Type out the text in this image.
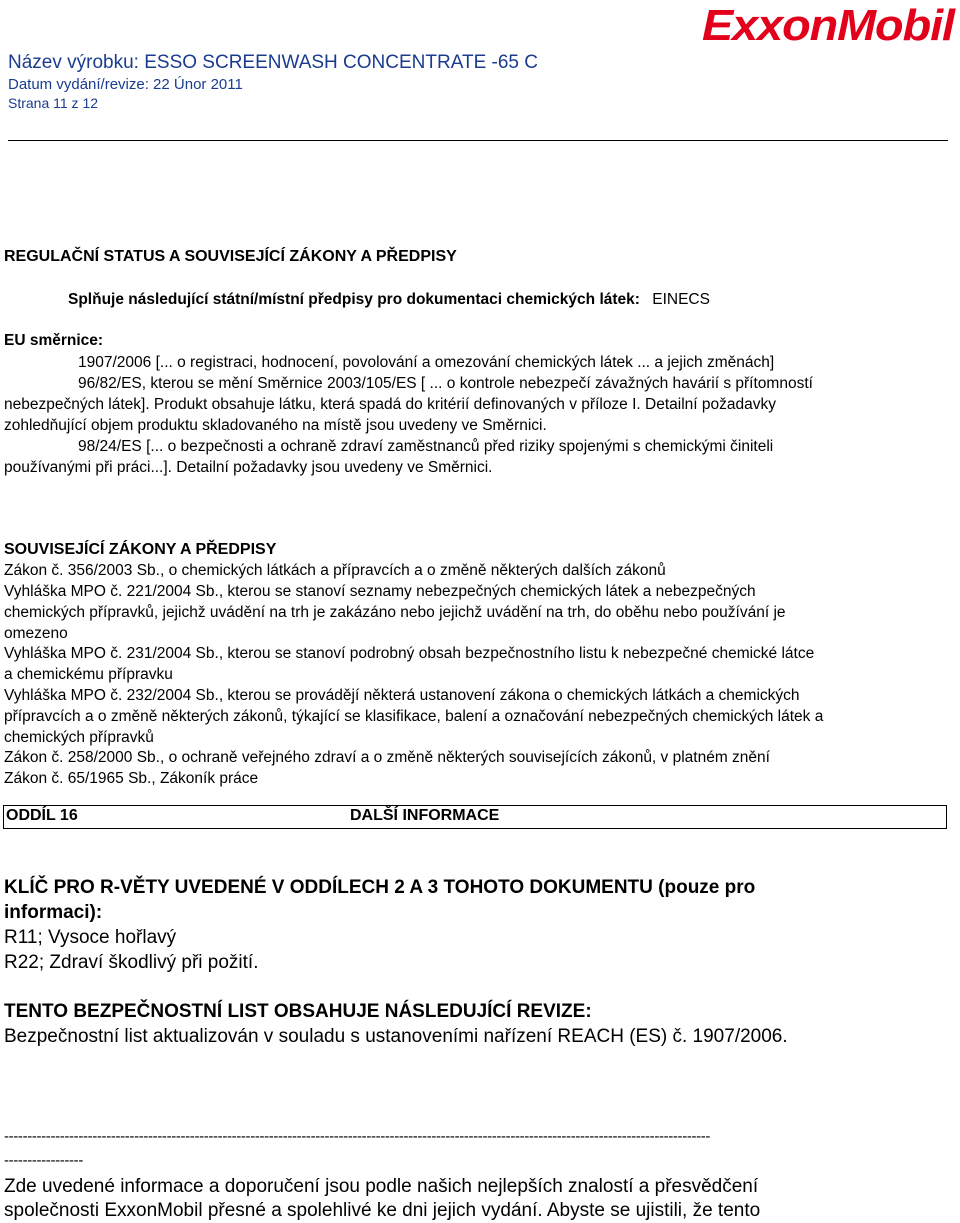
ExxonMobil
Název výrobku: ESSO SCREENWASH CONCENTRATE -65 C
Datum vydání/revize: 22 Únor 2011
Strana 11 z 12
REGULAČNÍ STATUS A SOUVISEJÍCÍ ZÁKONY A PŘEDPISY
Splňuje následující státní/místní předpisy pro dokumentaci chemických látek: EINECS
EU směrnice:
1907/2006 [... o registraci, hodnocení, povolování a omezování chemických látek ... a jejich změnách]
96/82/ES, kterou se mění Směrnice 2003/105/ES [ ... o kontrole nebezpečí závažných havárií s přítomností
nebezpečných látek]. Produkt obsahuje látku, která spadá do kritérií definovaných v příloze I. Detailní požadavky
zohledňující objem produktu skladovaného na místě jsou uvedeny ve Směrnici.
98/24/ES [... o bezpečnosti a ochraně zdraví zaměstnanců před riziky spojenými s chemickými činiteli
používanými při práci...]. Detailní požadavky jsou uvedeny ve Směrnici.
SOUVISEJÍCÍ ZÁKONY A PŘEDPISY
Zákon č. 356/2003 Sb., o chemických látkách a přípravcích a o změně některých dalších zákonů
Vyhláška MPO č. 221/2004 Sb., kterou se stanoví seznamy nebezpečných chemických látek a nebezpečných
chemických přípravků, jejichž uvádění na trh je zakázáno nebo jejichž uvádění na trh, do oběhu nebo používání je
omezeno
Vyhláška MPO č. 231/2004 Sb., kterou se stanoví podrobný obsah bezpečnostního listu k nebezpečné chemické látce
a chemickému přípravku
Vyhláška MPO č. 232/2004 Sb., kterou se provádějí některá ustanovení zákona o chemických látkách a chemických
přípravcích a o změně některých zákonů, týkající se klasifikace, balení a označování nebezpečných chemických látek a
chemických přípravků
Zákon č. 258/2000 Sb., o ochraně veřejného zdraví a o změně některých souvisejících zákonů, v platném znění
Zákon č. 65/1965 Sb., Zákoník práce
ODDÍL 16	DALŠÍ INFORMACE
KLÍČ PRO R-VĚTY UVEDENÉ V ODDÍLECH 2 A 3 TOHOTO DOKUMENTU (pouze pro
informaci):
R11; Vysoce hořlavý
R22; Zdraví škodlivý při požití.
TENTO BEZPEČNOSTNÍ LIST OBSAHUJE NÁSLEDUJÍCÍ REVIZE:
Bezpečnostní list aktualizován v souladu s ustanoveními nařízení REACH (ES) č. 1907/2006.
--------------------------------------------------------------------------------------------------------------------------------------------------------
-----------------
Zde uvedené informace a doporučení jsou podle našich nejlepších znalostí a přesvědčení
společnosti ExxonMobil přesné a spolehlivé ke dni jejich vydání. Abyste se ujistili, že tento
